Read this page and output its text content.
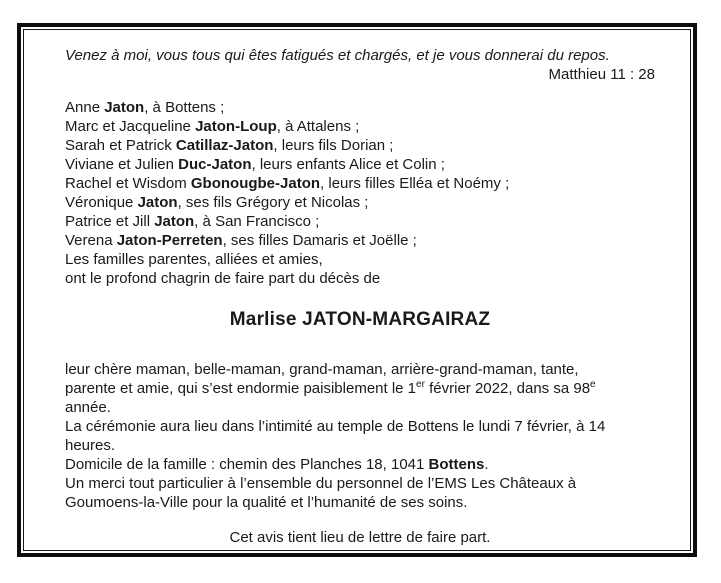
Venez à moi, vous tous qui êtes fatigués et chargés, et je vous donnerai du repos.

Matthieu 11 : 28

Anne Jaton, à Bottens ;

Marc et Jacqueline Jaton-Loup, à Attalens ;

Sarah et Patrick Catillaz-Jaton, leurs fils Dorian ;

Viviane et Julien Duc-Jaton, leurs enfants Alice et Colin ;

Rachel et Wisdom Gbonougbe-Jaton, leurs filles Elléa et Noémy ;

Véronique Jaton, ses fils Grégory et Nicolas ;

Patrice et Jill Jaton, à San Francisco ;

Verena Jaton-Perreten, ses filles Damaris et Joëlle ;

Les familles parentes, alliées et amies,

ont le profond chagrin de faire part du décès de

Marlise JATON-MARGAIRAZ

leur chère maman, belle-maman, grand-maman, arrière-grand-maman, tante,

parente et amie, qui s’est endormie paisiblement le 1er février 2022, dans sa 98e

année.

La cérémonie aura lieu dans l’intimité au temple de Bottens le lundi 7 février, à 14

heures.

Domicile de la famille : chemin des Planches 18, 1041 Bottens.

Un merci tout particulier à l’ensemble du personnel de l’EMS Les Châteaux à

Goumoens-la-Ville pour la qualité et l’humanité de ses soins.

Cet avis tient lieu de lettre de faire part.
